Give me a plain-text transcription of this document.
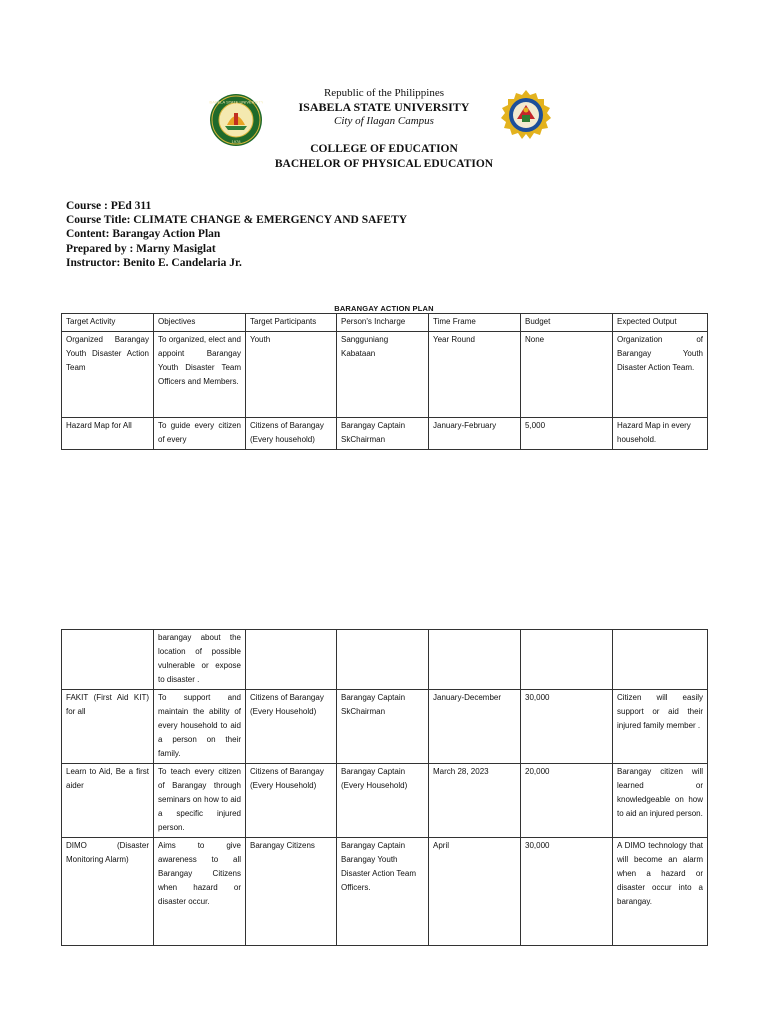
Republic of the Philippines
ISABELA STATE UNIVERSITY
City of Ilagan Campus
COLLEGE OF EDUCATION
BACHELOR OF PHYSICAL EDUCATION
ISABELA STATE UNIVERSITY
1978
Course : PEd 311
Course Title: CLIMATE CHANGE & EMERGENCY AND SAFETY
Content: Barangay Action Plan
Prepared by : Marny Masiglat
Instructor: Benito E. Candelaria Jr.
BARANGAY ACTION PLAN
Target Activity	Objectives	Target Participants	Person's Incharge	Time Frame	Budget	Expected Output
Organized Barangay Youth Disaster Action Team	To organized, elect and appoint Barangay Youth Disaster Team Officers and Members.	Youth	Sangguniang Kabataan	Year Round	None	Organization of Barangay Youth Disaster Action Team.
Hazard Map for All	To guide every citizen of every	Citizens of Barangay (Every household)	Barangay Captain SkChairman	January-February	5,000	Hazard Map in every household.
	barangay about the location of possible vulnerable or expose to disaster .					
FAKIT (First Aid KIT) for all	To support and maintain the ability of every household to aid a person on their family.	Citizens of Barangay (Every Household)	Barangay Captain SkChairman	January-December	30,000	Citizen will easily support or aid their injured family member .
Learn to Aid, Be a first aider	To teach every citizen of Barangay through seminars on how to aid a specific injured person.	Citizens of Barangay (Every Household)	Barangay Captain (Every Household)	March 28, 2023	20,000	Barangay citizen will learned or knowledgeable on how to aid an injured person.
DIMO (Disaster Monitoring Alarm)	Aims to give awareness to all Barangay Citizens when hazard or disaster occur.	Barangay Citizens	Barangay Captain Barangay Youth Disaster Action Team Officers.	April	30,000	A DIMO technology that will become an alarm when a hazard or disaster occur into a barangay.
